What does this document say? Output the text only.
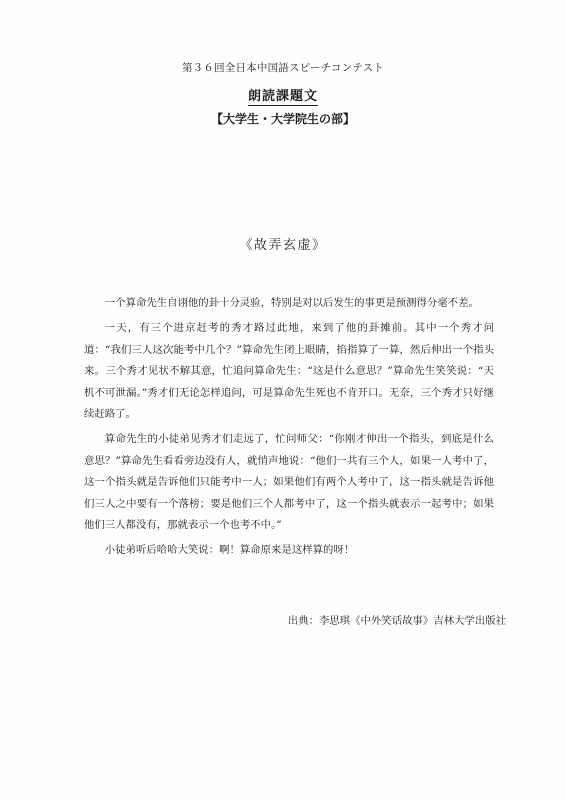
第３６回全日本中国語スピーチコンテスト
朗読課題文
【大学生・大学院生の部】
《故弄玄虚》

一个算命先生自诩他的卦十分灵验，特别是对以后发生的事更是预测得分毫不差。

一天，有三个进京赶考的秀才路过此地，来到了他的卦摊前。其中一个秀才问道：“我们三人这次能考中几个？”算命先生闭上眼睛，掐指算了一算，然后伸出一个指头来。三个秀才见状不解其意，忙追问算命先生：“这是什么意思？”算命先生笑笑说：“天机不可泄漏。”秀才们无论怎样追问，可是算命先生死也不肯开口。无奈，三个秀才只好继续赶路了。

算命先生的小徒弟见秀才们走远了，忙问师父：“你刚才伸出一个指头，到底是什么意思？”算命先生看看旁边没有人，就悄声地说：“他们一共有三个人，如果一人考中了，这一个指头就是告诉他们只能考中一人；如果他们有两个人考中了，这一指头就是告诉他们三人之中要有一个落榜；要是他们三个人都考中了，这一个指头就表示一起考中；如果他们三人都没有，那就表示一个也考不中。”

小徒弟听后哈哈大笑说：啊！算命原来是这样算的呀！

出典：李思琪《中外笑话故事》吉林大学出版社
